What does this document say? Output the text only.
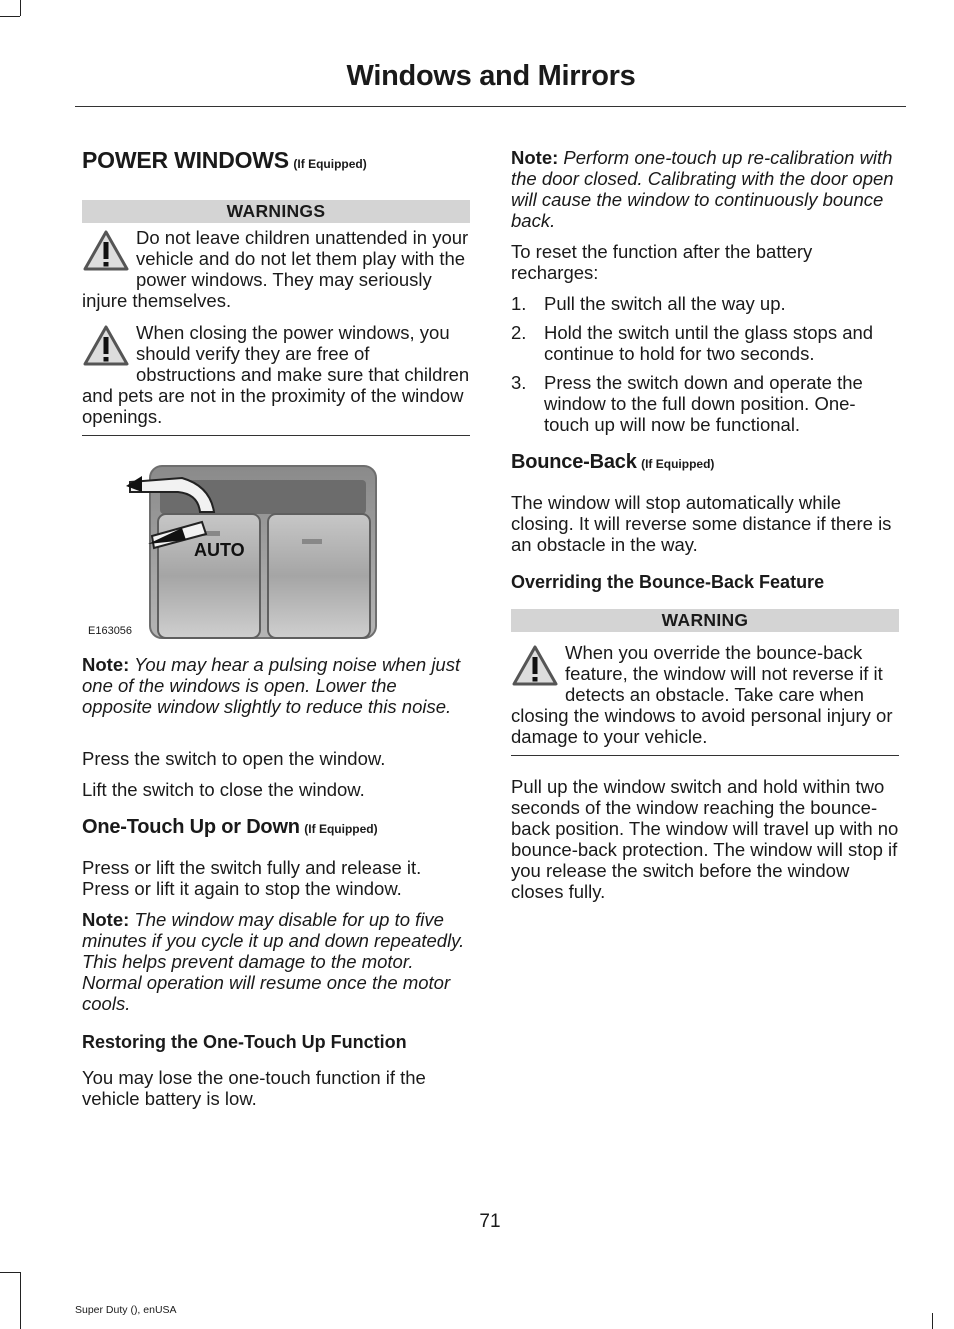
Windows and Mirrors
POWER WINDOWS (If Equipped)
WARNINGS
Do not leave children unattended in your vehicle and do not let them play with the power windows. They may seriously injure themselves.
When closing the power windows, you should verify they are free of obstructions and make sure that children and pets are not in the proximity of the window openings.
AUTO
E163056

Note: You may hear a pulsing noise when just one of the windows is open. Lower the opposite window slightly to reduce this noise.

Press the switch to open the window.

Lift the switch to close the window.

One-Touch Up or Down (If Equipped)

Press or lift the switch fully and release it. Press or lift it again to stop the window.

Note: The window may disable for up to five minutes if you cycle it up and down repeatedly. This helps prevent damage to the motor. Normal operation will resume once the motor cools.

Restoring the One-Touch Up Function

You may lose the one-touch function if the vehicle battery is low.

Note: Perform one-touch up re-calibration with the door closed. Calibrating with the door open will cause the window to continuously bounce back.

To reset the function after the battery recharges:

1. Pull the switch all the way up.
2. Hold the switch until the glass stops and continue to hold for two seconds.
3. Press the switch down and operate the window to the full down position. One-touch up will now be functional.
Bounce-Back (If Equipped)

The window will stop automatically while closing. It will reverse some distance if there is an obstacle in the way.

Overriding the Bounce-Back Feature
WARNING
When you override the bounce-back feature, the window will not reverse if it detects an obstacle. Take care when closing the windows to avoid personal injury or damage to your vehicle.

Pull up the window switch and hold within two seconds of the window reaching the bounce-back position. The window will travel up with no bounce-back protection. The window will stop if you release the switch before the window closes fully.

71
Super Duty (), enUSA
